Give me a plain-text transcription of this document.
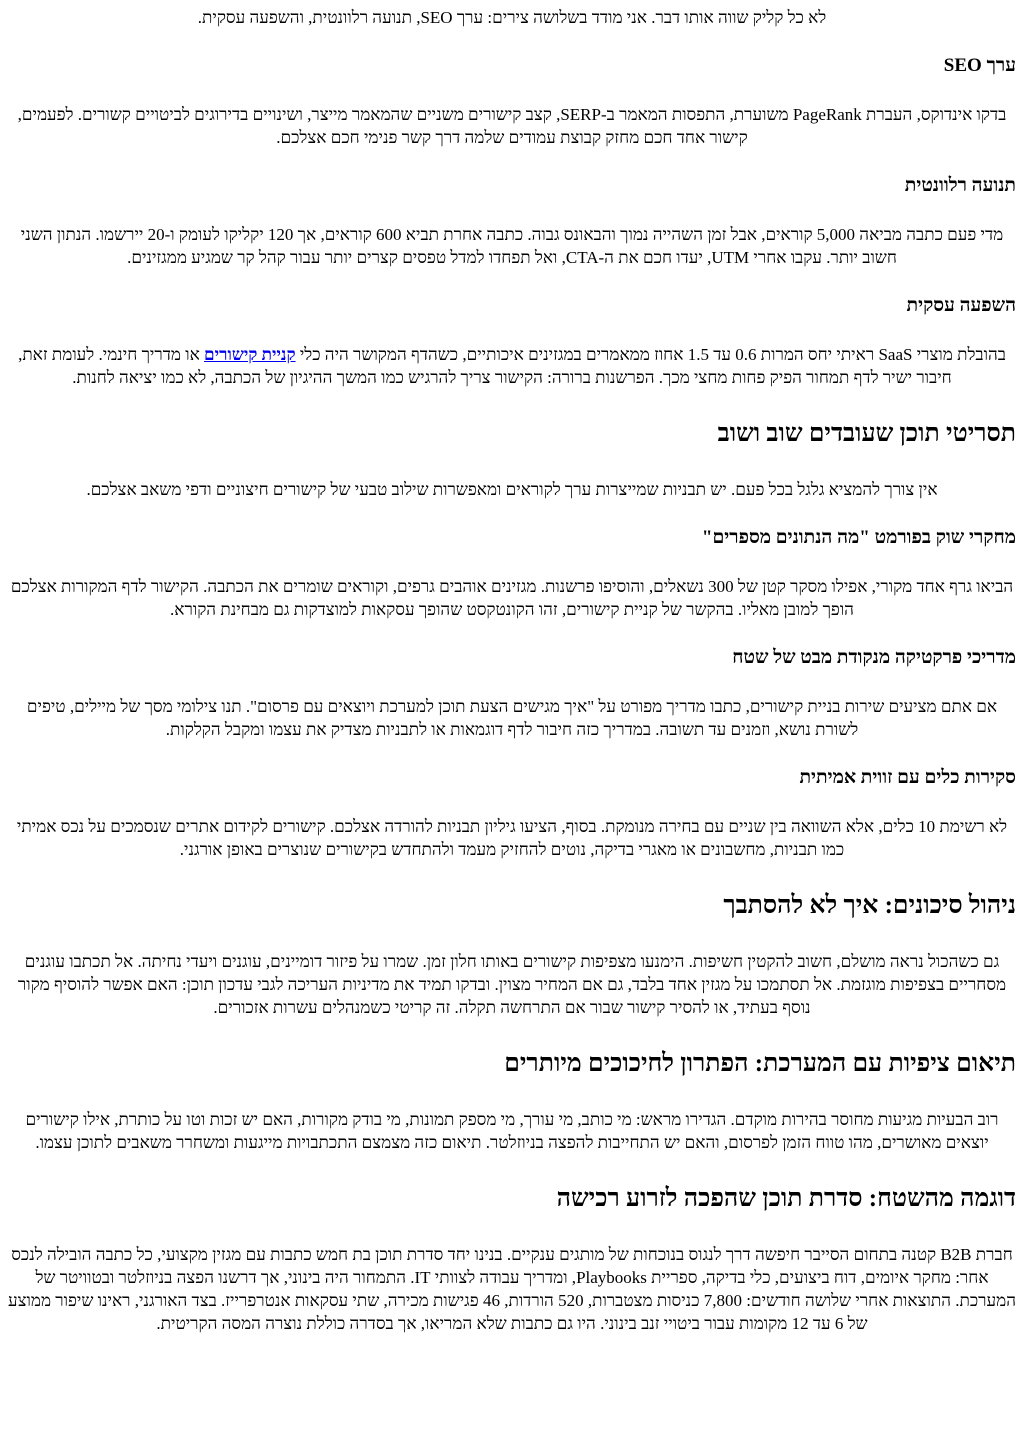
לא כל קליק שווה אותו דבר. אני מודד בשלושה צירים: ערך SEO, תנועה רלוונטית, והשפעה עסקית.

ערך SEO

בדקו אינדוקס, העברת PageRank משוערת, התפסות המאמר ב-SERP, קצב קישורים משניים שהמאמר מייצר, ושינויים בדירוגים לביטויים קשורים. לפעמים, קישור אחד חכם מחזק קבוצת עמודים שלמה דרך קשר פנימי חכם אצלכם.

תנועה רלוונטית

מדי פעם כתבה מביאה 5,000 קוראים, אבל זמן השהייה נמוך והבאונס גבוה. כתבה אחרת תביא 600 קוראים, אך 120 יקליקו לעומק ו-20 יירשמו. הנתון השני חשוב יותר. עקבו אחרי UTM, יעדו חכם את ה-CTA, ואל תפחדו למדל טפסים קצרים יותר עבור קהל קר שמגיע ממגזינים.

השפעה עסקית

בהובלת מוצרי SaaS ראיתי יחס המרות 0.6 עד 1.5 אחוז ממאמרים במגזינים איכותיים, כשהדף המקושר היה כלי קניית קישורים או מדריך חינמי. לעומת זאת, חיבור ישיר לדף תמחור הפיק פחות מחצי מכך. הפרשנות ברורה: הקישור צריך להרגיש כמו המשך ההיגיון של הכתבה, לא כמו יציאה לחנות.

תסריטי תוכן שעובדים שוב ושוב

אין צורך להמציא גלגל בכל פעם. יש תבניות שמייצרות ערך לקוראים ומאפשרות שילוב טבעי של קישורים חיצוניים ודפי משאב אצלכם.

מחקרי שוק בפורמט "מה הנתונים מספרים"

הביאו גרף אחד מקורי, אפילו מסקר קטן של 300 נשאלים, והוסיפו פרשנות. מגזינים אוהבים גרפים, וקוראים שומרים את הכתבה. הקישור לדף המקורות אצלכם הופך למובן מאליו. בהקשר של קניית קישורים, זהו הקונטקסט שהופך עסקאות למוצדקות גם מבחינת הקורא.

מדריכי פרקטיקה מנקודת מבט של שטח

אם אתם מציעים שירות בניית קישורים, כתבו מדריך מפורט על "איך מגישים הצעת תוכן למערכת ויוצאים עם פרסום". תנו צילומי מסך של מיילים, טיפים לשורת נושא, וזמנים עד תשובה. במדריך כזה חיבור לדף דוגמאות או לתבניות מצדיק את עצמו ומקבל הקלקות.

סקירות כלים עם זווית אמיתית

לא רשימת 10 כלים, אלא השוואה בין שניים עם בחירה מנומקת. בסוף, הציעו גיליון תבניות להורדה אצלכם. קישורים לקידום אתרים שנסמכים על נכס אמיתי כמו תבניות, מחשבונים או מאגרי בדיקה, נוטים להחזיק מעמד ולהתחדש בקישורים שנוצרים באופן אורגני.

ניהול סיכונים: איך לא להסתבך

גם כשהכול נראה מושלם, חשוב להקטין חשיפות. הימנעו מצפיפות קישורים באותו חלון זמן. שמרו על פיזור דומיינים, עוגנים ויעדי נחיתה. אל תכתבו עוגנים מסחריים בצפיפות מוגזמת. אל תסתמכו על מגזין אחד בלבד, גם אם המחיר מצוין. ובדקו תמיד את מדיניות העריכה לגבי עדכון תוכן: האם אפשר להוסיף מקור נוסף בעתיד, או להסיר קישור שבור אם התרחשה תקלה. זה קריטי כשמנהלים עשרות אזכורים.

תיאום ציפיות עם המערכת: הפתרון לחיכוכים מיותרים

רוב הבעיות מגיעות מחוסר בהירות מוקדם. הגדירו מראש: מי כותב, מי עורך, מי מספק תמונות, מי בודק מקורות, האם יש זכות וטו על כותרת, אילו קישורים יוצאים מאושרים, מהו טווח הזמן לפרסום, והאם יש התחייבות להפצה בניוזלטר. תיאום כזה מצמצם התכתבויות מייגעות ומשחרר משאבים לתוכן עצמו.

דוגמה מהשטח: סדרת תוכן שהפכה לזרוע רכישה

חברת B2B קטנה בתחום הסייבר חיפשה דרך לנגוס בנוכחות של מותגים ענקיים. בנינו יחד סדרת תוכן בת חמש כתבות עם מגזין מקצועי, כל כתבה הובילה לנכס אחר: מחקר איומים, דוח ביצועים, כלי בדיקה, ספריית Playbooks, ומדריך עבודה לצוותי IT. התמחור היה בינוני, אך דרשנו הפצה בניוזלטר ובטוויטר של המערכת. התוצאות אחרי שלושה חודשים: 7,800 כניסות מצטברות, 520 הורדות, 46 פגישות מכירה, שתי עסקאות אנטרפרייז. בצד האורגני, ראינו שיפור ממוצע של 6 עד 12 מקומות עבור ביטויי זנב בינוני. היו גם כתבות שלא המריאו, אך בסדרה כוללת נוצרה המסה הקריטית.
